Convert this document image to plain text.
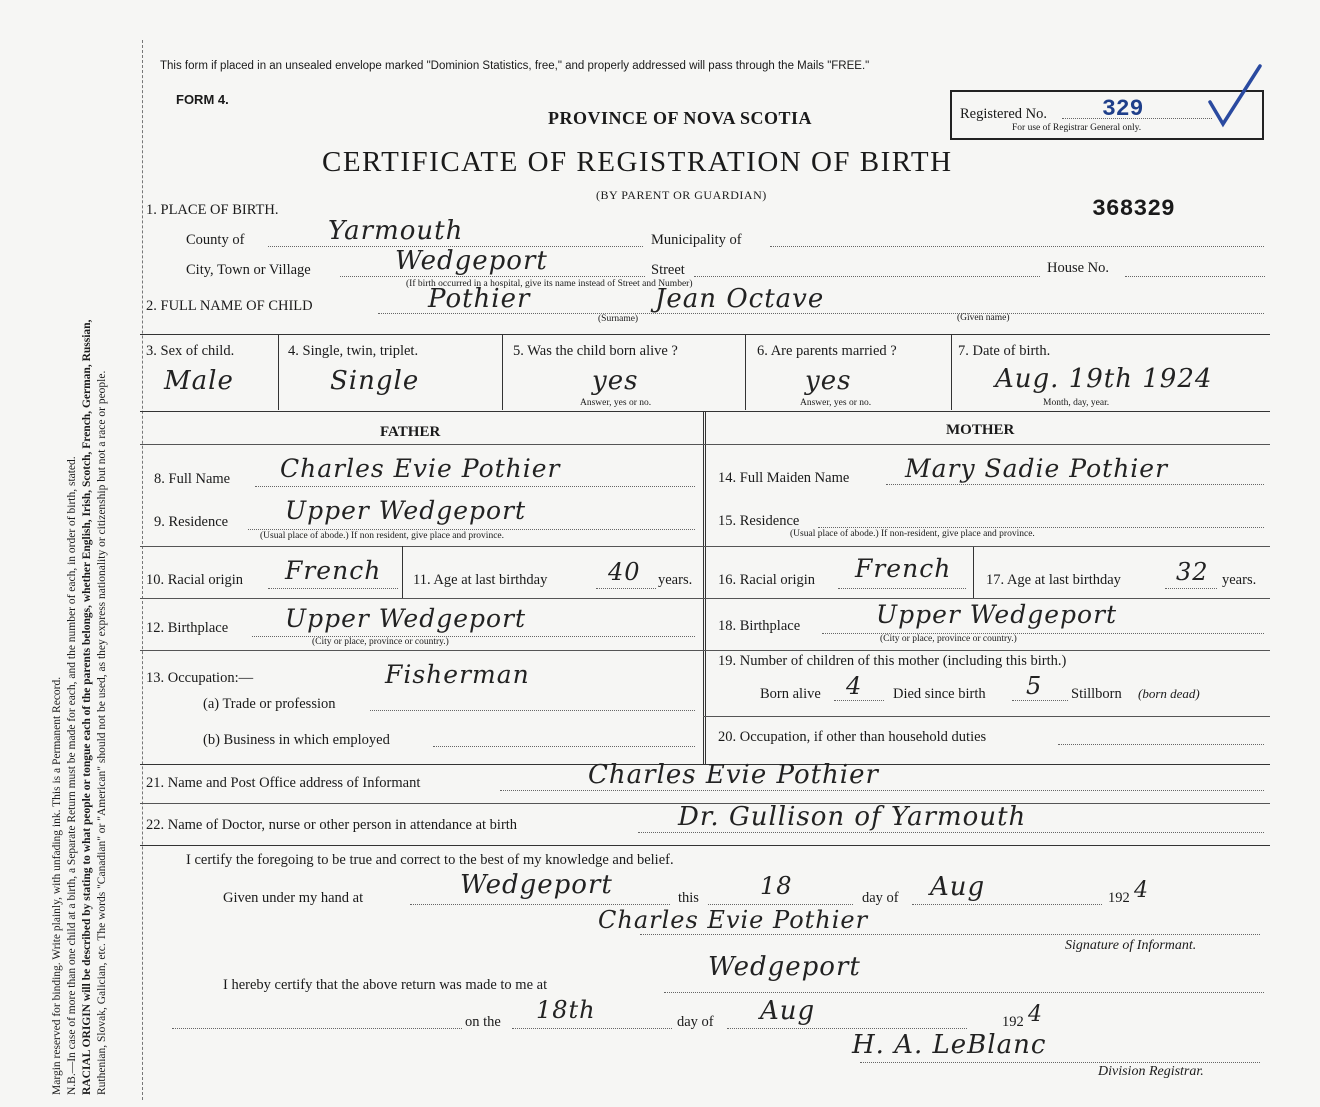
Margin reserved for binding. Write plainly, with unfading ink. This is a Permanent Record. N.B.—In case of more than one child at a birth, a Separate Return must be made for each, and the number of each, in order of birth, stated. RACIAL ORIGIN will be described by stating to what people or tongue each of the parents belongs, whether English, Irish, Scotch, French, German, Russian, Ruthenian, Slovak, Galician, etc. The words "Canadian" or "American" should not be used, as they express nationality or citizenship but not a race or people.

This form if placed in an unsealed envelope marked "Dominion Statistics, free," and properly addressed will pass through the Mails "FREE."
FORM 4.
PROVINCE OF NOVA SCOTIA
CERTIFICATE OF REGISTRATION OF BIRTH
(BY PARENT OR GUARDIAN)
368329
Registered No. 329
For use of Registrar General only.
1. PLACE OF BIRTH.
County of	Yarmouth	Municipality of
City, Town or Village	Wedgeport	Street	House No.
(If birth occurred in a hospital, give its name instead of Street and Number)
2. FULL NAME OF CHILD	Pothier
(Surname)
Jean Octave
(Given name)
3. Sex of child.
Male
4. Single, twin, triplet.
Single
5. Was the child born alive ?
yes
Answer, yes or no.
6. Are parents married ?
yes
Answer, yes or no.
7. Date of birth.
Aug. 19th 1924
Month, day, year.
FATHER	MOTHER
8. Full Name Charles Evie Pothier
9. Residence Upper Wedgeport
(Usual place of abode.) If non resident, give place and province.
10. Racial origin French 11. Age at last birthday	40 years.
12. Birthplace Upper Wedgeport
(City or place, province or country.)
13. Occupation:—	Fisherman
(a) Trade or profession
(b) Business in which employed
14. Full Maiden Name Mary Sadie Pothier
15. Residence
(Usual place of abode.) If non-resident, give place and province.
16. Racial origin French 17. Age at last birthday 32 years.
18. Birthplace	Upper Wedgeport
(City or place, province or country.)
19. Number of children of this mother (including this birth.)
Born alive 4 Died since birth 5 Stillborn (born dead)
20. Occupation, if other than household duties
21. Name and Post Office address of Informant	Charles Evie Pothier
22. Name of Doctor, nurse or other person in attendance at birth	Dr. Gullison of Yarmouth
I certify the foregoing to be true and correct to the best of my knowledge and belief.
Given under my hand at	Wedgeport	this	18	day of Aug	192 4
Charles Evie Pothier
Signature of Informant.
I hereby certify that the above return was made to me at
Wedgeport
on the 18th	day of Aug	192 4
H. A. LeBlanc
Division Registrar.
